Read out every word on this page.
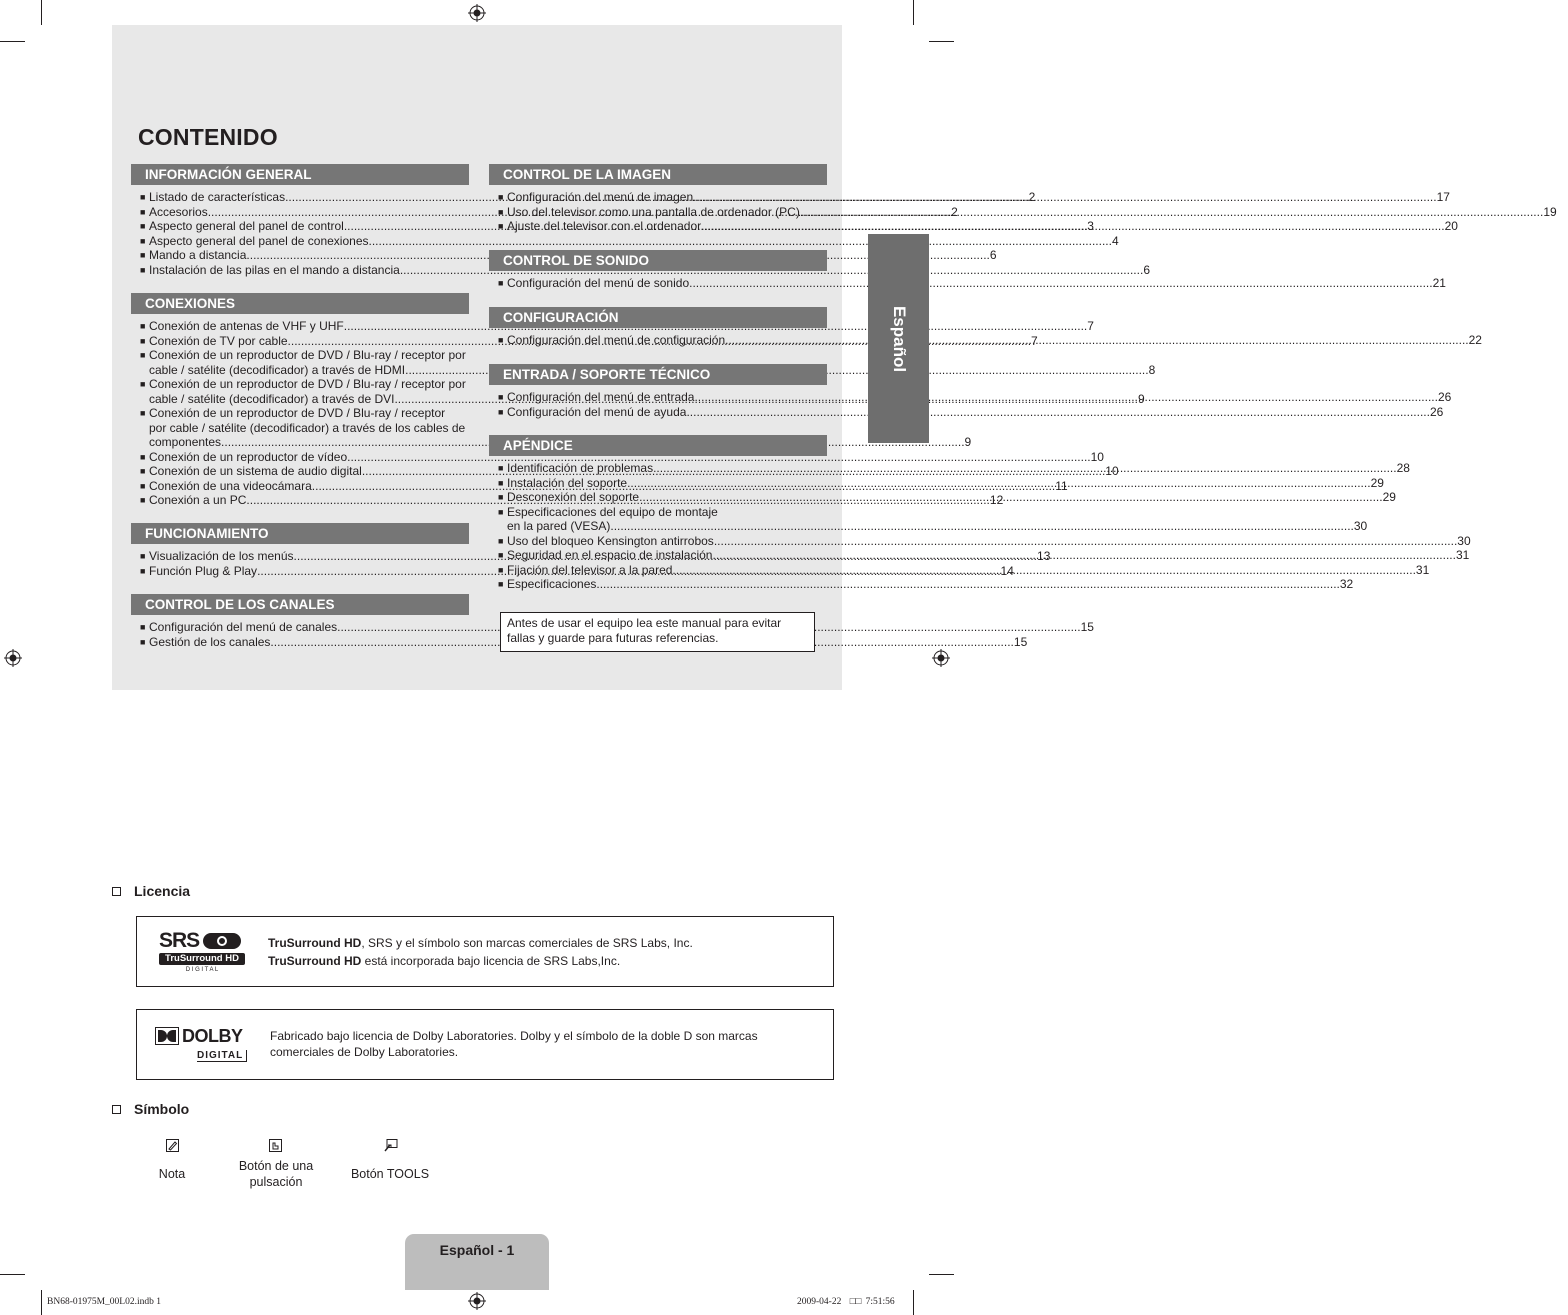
CONTENIDO
INFORMACIÓN GENERAL
■ Listado de características .....	2
■ Accesorios .....	2
■ Aspecto general del panel de control .....	3
■ Aspecto general del panel de conexiones .....	4
■ Mando a distancia .....	6
■ Instalación de las pilas en el mando a distancia .....	6
CONEXIONES
■ Conexión de antenas de VHF y UHF .....	7
■ Conexión de TV por cable .....	7
■ Conexión de un reproductor de DVD / Blu-ray / receptor por
cable / satélite (decodificador) a través de HDMI .....	8
■ Conexión de un reproductor de DVD / Blu-ray / receptor por
cable / satélite (decodificador) a través de DVI .....	9
■ Conexión de un reproductor de DVD / Blu-ray / receptor
por cable / satélite (decodificador) a través de los cables de
componentes .....	9
■ Conexión de un reproductor de vídeo .....	10
■ Conexión de un sistema de audio digital .....	10
■ Conexión de una videocámara .....	11
■ Conexión a un PC .....	12
FUNCIONAMIENTO
■ Visualización de los menús .....	13
■ Función Plug & Play .....	14
CONTROL DE LOS CANALES
■ Configuración del menú de canales .....	15
■ Gestión de los canales .....	15
CONTROL DE LA IMAGEN
■ Configuración del menú de imagen .....	17
■ Uso del televisor como una pantalla de ordenador (PC) .....	19
■ Ajuste del televisor con el ordenador .....	20
CONTROL DE SONIDO
■ Configuración del menú de sonido .....	21
CONFIGURACIÓN
■ Configuración del menú de configuración .....	22
ENTRADA / SOPORTE TÉCNICO
■ Configuración del menú de entrada .....	26
■ Configuración del menú de ayuda .....	26
APÉNDICE
■ Identificación de problemas .....	28
■ Instalación del soporte .....	29
■ Desconexión del soporte .....	29
■ Especificaciones del equipo de montaje
en la pared (VESA) .....	30
■ Uso del bloqueo Kensington antirrobos .....	30
■ Seguridad en el espacio de instalación .....	31
■ Fijación del televisor a la pared .....	31
■ Especificaciones .....	32
Antes de usar el equipo lea este manual para evitar fallas y guarde para futuras referencias.
Español
Licencia
SRS
TruSurround HD
D I G I T A L
TruSurround HD, SRS y el símbolo son marcas comerciales de SRS Labs, Inc.
TruSurround HD está incorporada bajo licencia de SRS Labs,Inc.
DOLBY
DIGITAL
Fabricado bajo licencia de Dolby Laboratories. Dolby y el símbolo de la doble D son marcas comerciales de Dolby Laboratories.
Símbolo
Nota
Botón de una pulsación
Botón TOOLS
Español - 1
BN68-01975M_00L02.indb 1	2009-04-22 □□ 7:51:56
